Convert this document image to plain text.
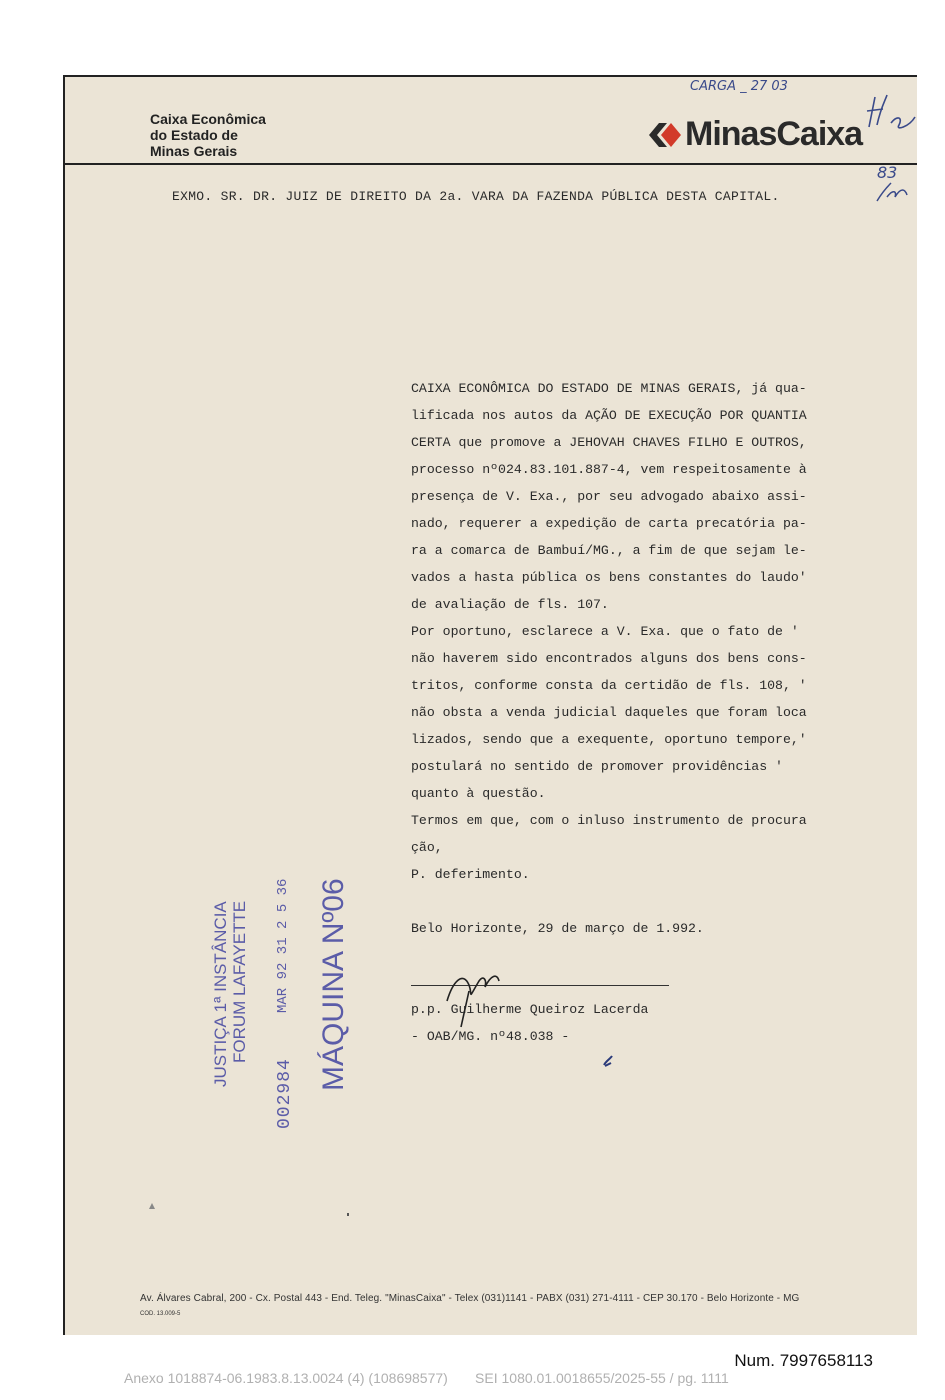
Caixa Econômica
do Estado de
Minas Gerais
CARGA _ 27 03
MinasCaixa
83
EXMO. SR. DR. JUIZ DE DIREITO DA 2a. VARA DA FAZENDA PÚBLICA DESTA CAPITAL.
CAIXA ECONÔMICA DO ESTADO DE MINAS GERAIS, já qua-
lificada nos autos da AÇÃO DE EXECUÇÃO POR QUANTIA
CERTA que promove a JEHOVAH CHAVES FILHO E OUTROS,
processo nº024.83.101.887-4, vem respeitosamente à
presença de V. Exa., por seu advogado abaixo assi-
nado, requerer a expedição de carta precatória pa-
ra a comarca de Bambuí/MG., a fim de que sejam le-
vados a hasta pública os bens constantes do laudo'
de avaliação de fls. 107.
Por oportuno, esclarece a V. Exa. que o fato de '
não haverem sido encontrados alguns dos bens cons-
tritos, conforme consta da certidão de fls. 108, '
não obsta a venda judicial daqueles que foram loca
lizados, sendo que a exequente, oportuno tempore,'
postulará no sentido de promover providências '
quanto à questão.
Termos em que, com o inluso instrumento de procura
ção,
P. deferimento.
Belo Horizonte, 29 de março de 1.992.
p.p. Guilherme Queiroz Lacerda
- OAB/MG. nº48.038 -
JUSTIÇA 1ª INSTÂNCIA FORUM LAFAYETTE
002984
MAR 92 31 2 5 36 MÁQUINA Nº06
Av. Álvares Cabral, 200 - Cx. Postal 443 - End. Teleg. "MinasCaixa" - Telex (031)1141 - PABX (031) 271-4111 - CEP 30.170 - Belo Horizonte - MG
COD. 13.009-5
Num. 7997658113
Anexo 1018874-06.1983.8.13.0024 (4) (108698577)       SEI 1080.01.0018655/2025-55 / pg. 1111
